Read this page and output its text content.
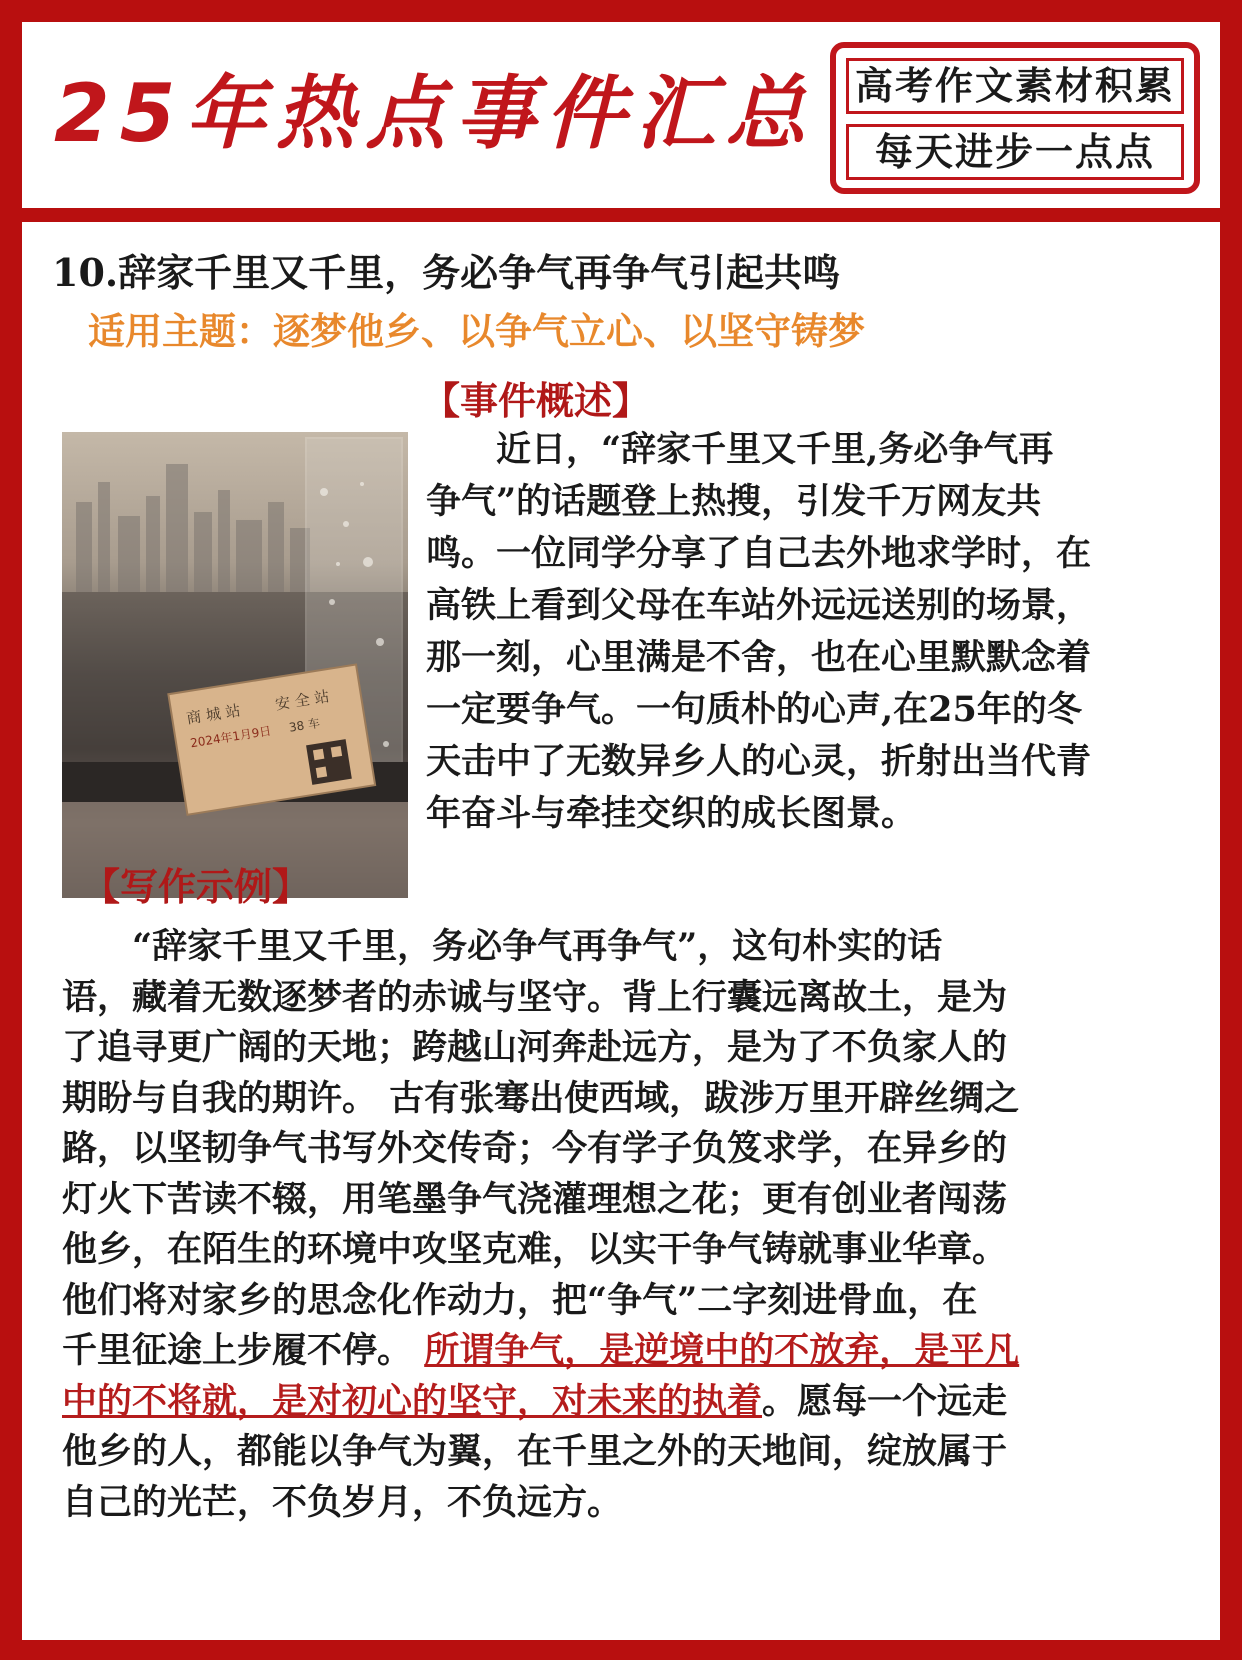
25年热点事件汇总 高考作文素材积累
每天进步一点点
10.辞家千里又千里，务必争气再争气引起共鸣
适用主题：逐梦他乡、以争气立心、以坚守铸梦
商 城 站
安 全 站
2024年1月9日 38 车
【事件概述】
　　近日，“辞家千里又千里,务必争气再
争气”的话题登上热搜，引发千万网友共
鸣。一位同学分享了自己去外地求学时，在
高铁上看到父母在车站外远远送别的场景，
那一刻，心里满是不舍，也在心里默默念着
一定要争气。一句质朴的心声,在25年的冬
天击中了无数异乡人的心灵，折射出当代青
年奋斗与牵挂交织的成长图景。
【写作示例】
　　“辞家千里又千里，务必争气再争气”，这句朴实的话
语，藏着无数逐梦者的赤诚与坚守。背上行囊远离故土，是为
了追寻更广阔的天地；跨越山河奔赴远方，是为了不负家人的
期盼与自我的期许。 古有张骞出使西域，跋涉万里开辟丝绸之
路，以坚韧争气书写外交传奇；今有学子负笈求学，在异乡的
灯火下苦读不辍，用笔墨争气浇灌理想之花；更有创业者闯荡
他乡，在陌生的环境中攻坚克难，以实干争气铸就事业华章。
他们将对家乡的思念化作动力，把“争气”二字刻进骨血，在
千里征途上步履不停。 所谓争气，是逆境中的不放弃，是平凡
中的不将就，是对初心的坚守，对未来的执着。愿每一个远走
他乡的人，都能以争气为翼，在千里之外的天地间，绽放属于
自己的光芒，不负岁月，不负远方。
